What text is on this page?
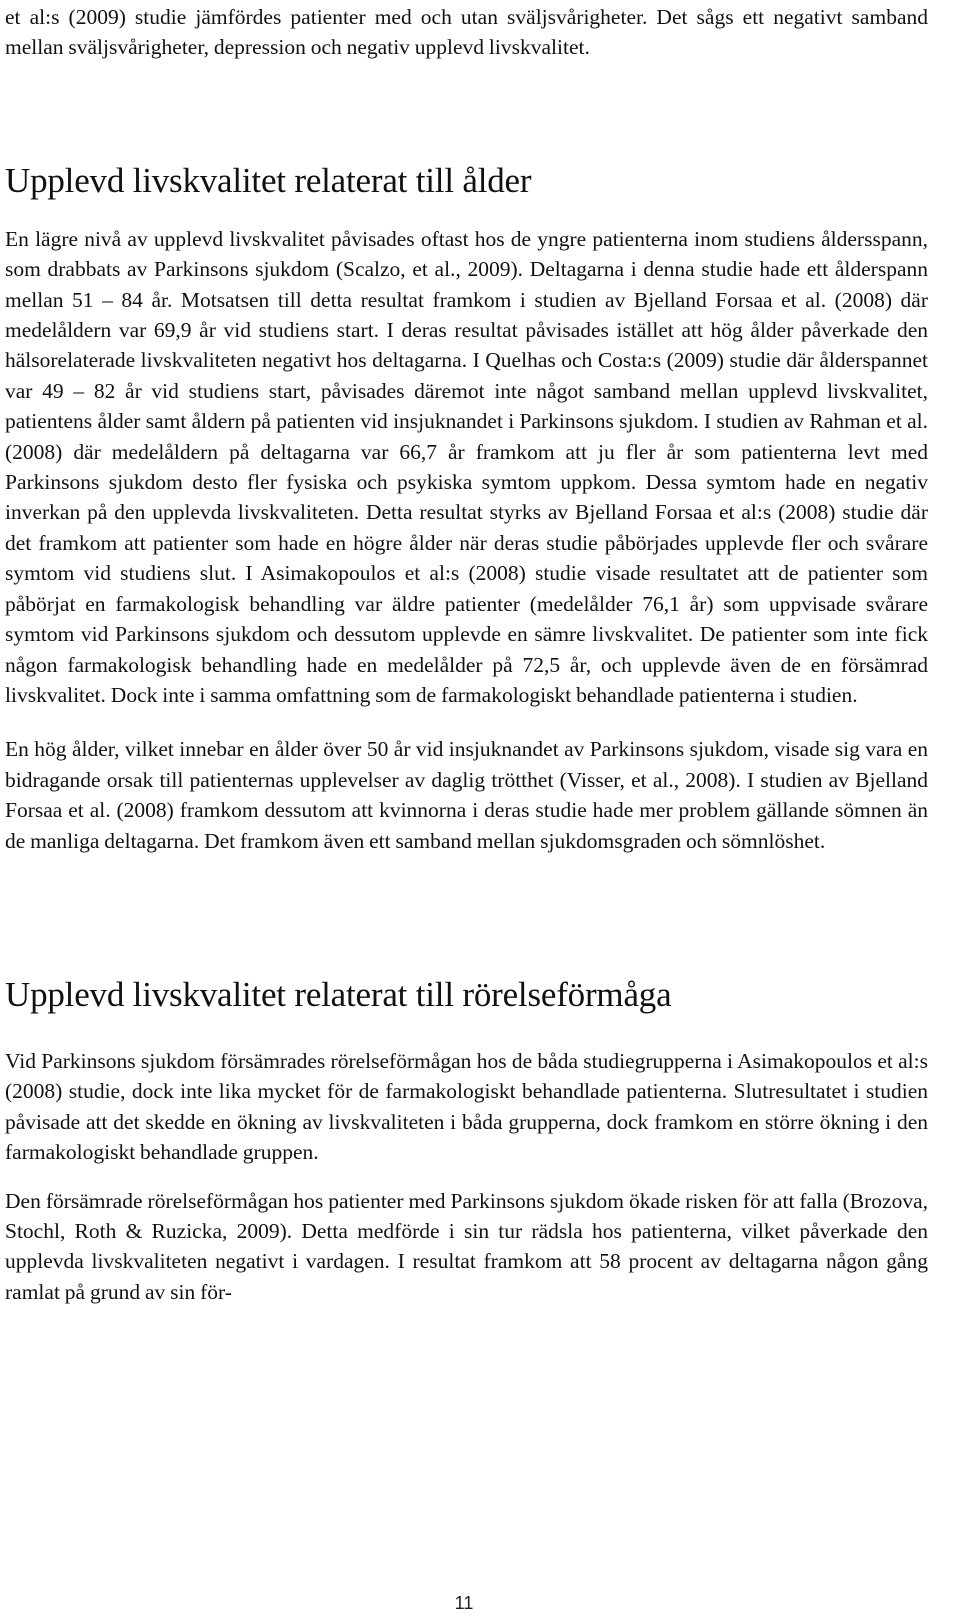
et al:s (2009) studie jämfördes patienter med och utan sväljsvårigheter. Det sågs ett negativt samband mellan sväljsvårigheter, depression och negativ upplevd livskvalitet.

Upplevd livskvalitet relaterat till ålder

En lägre nivå av upplevd livskvalitet påvisades oftast hos de yngre patienterna inom studiens åldersspann, som drabbats av Parkinsons sjukdom (Scalzo, et al., 2009). Deltagarna i denna studie hade ett ålderspann mellan 51 – 84 år. Motsatsen till detta resultat framkom i studien av Bjelland Forsaa et al. (2008) där medelåldern var 69,9 år vid studiens start. I deras resultat påvisades istället att hög ålder påverkade den hälsorelaterade livskvaliteten negativt hos deltagarna. I Quelhas och Costa:s (2009) studie där ålderspannet var 49 – 82 år vid studiens start, påvisades däremot inte något samband mellan upplevd livskvalitet, patientens ålder samt åldern på patienten vid insjuknandet i Parkinsons sjukdom. I studien av Rahman et al. (2008) där medelåldern på deltagarna var 66,7 år framkom att ju fler år som patienterna levt med Parkinsons sjukdom desto fler fysiska och psykiska symtom uppkom. Dessa symtom hade en negativ inverkan på den upplevda livskvaliteten. Detta resultat styrks av Bjelland Forsaa et al:s (2008) studie där det framkom att patienter som hade en högre ålder när deras studie påbörjades upplevde fler och svårare symtom vid studiens slut. I Asimakopoulos et al:s (2008) studie visade resultatet att de patienter som påbörjat en farmakologisk behandling var äldre patienter (medelålder 76,1 år) som uppvisade svårare symtom vid Parkinsons sjukdom och dessutom upplevde en sämre livskvalitet. De patienter som inte fick någon farmakologisk behandling hade en medelålder på 72,5 år, och upplevde även de en försämrad livskvalitet. Dock inte i samma omfattning som de farmakologiskt behandlade patienterna i studien.

En hög ålder, vilket innebar en ålder över 50 år vid insjuknandet av Parkinsons sjukdom, visade sig vara en bidragande orsak till patienternas upplevelser av daglig trötthet (Visser, et al., 2008). I studien av Bjelland Forsaa et al. (2008) framkom dessutom att kvinnorna i deras studie hade mer problem gällande sömnen än de manliga deltagarna. Det framkom även ett samband mellan sjukdomsgraden och sömnlöshet.

Upplevd livskvalitet relaterat till rörelseförmåga

Vid Parkinsons sjukdom försämrades rörelseförmågan hos de båda studiegrupperna i Asimakopoulos et al:s (2008) studie, dock inte lika mycket för de farmakologiskt behandlade patienterna. Slutresultatet i studien påvisade att det skedde en ökning av livskvaliteten i båda grupperna, dock framkom en större ökning i den farmakologiskt behandlade gruppen.

Den försämrade rörelseförmågan hos patienter med Parkinsons sjukdom ökade risken för att falla (Brozova, Stochl, Roth & Ruzicka, 2009). Detta medförde i sin tur rädsla hos patienterna, vilket påverkade den upplevda livskvaliteten negativt i vardagen. I resultat framkom att 58 procent av deltagarna någon gång ramlat på grund av sin för-

11
